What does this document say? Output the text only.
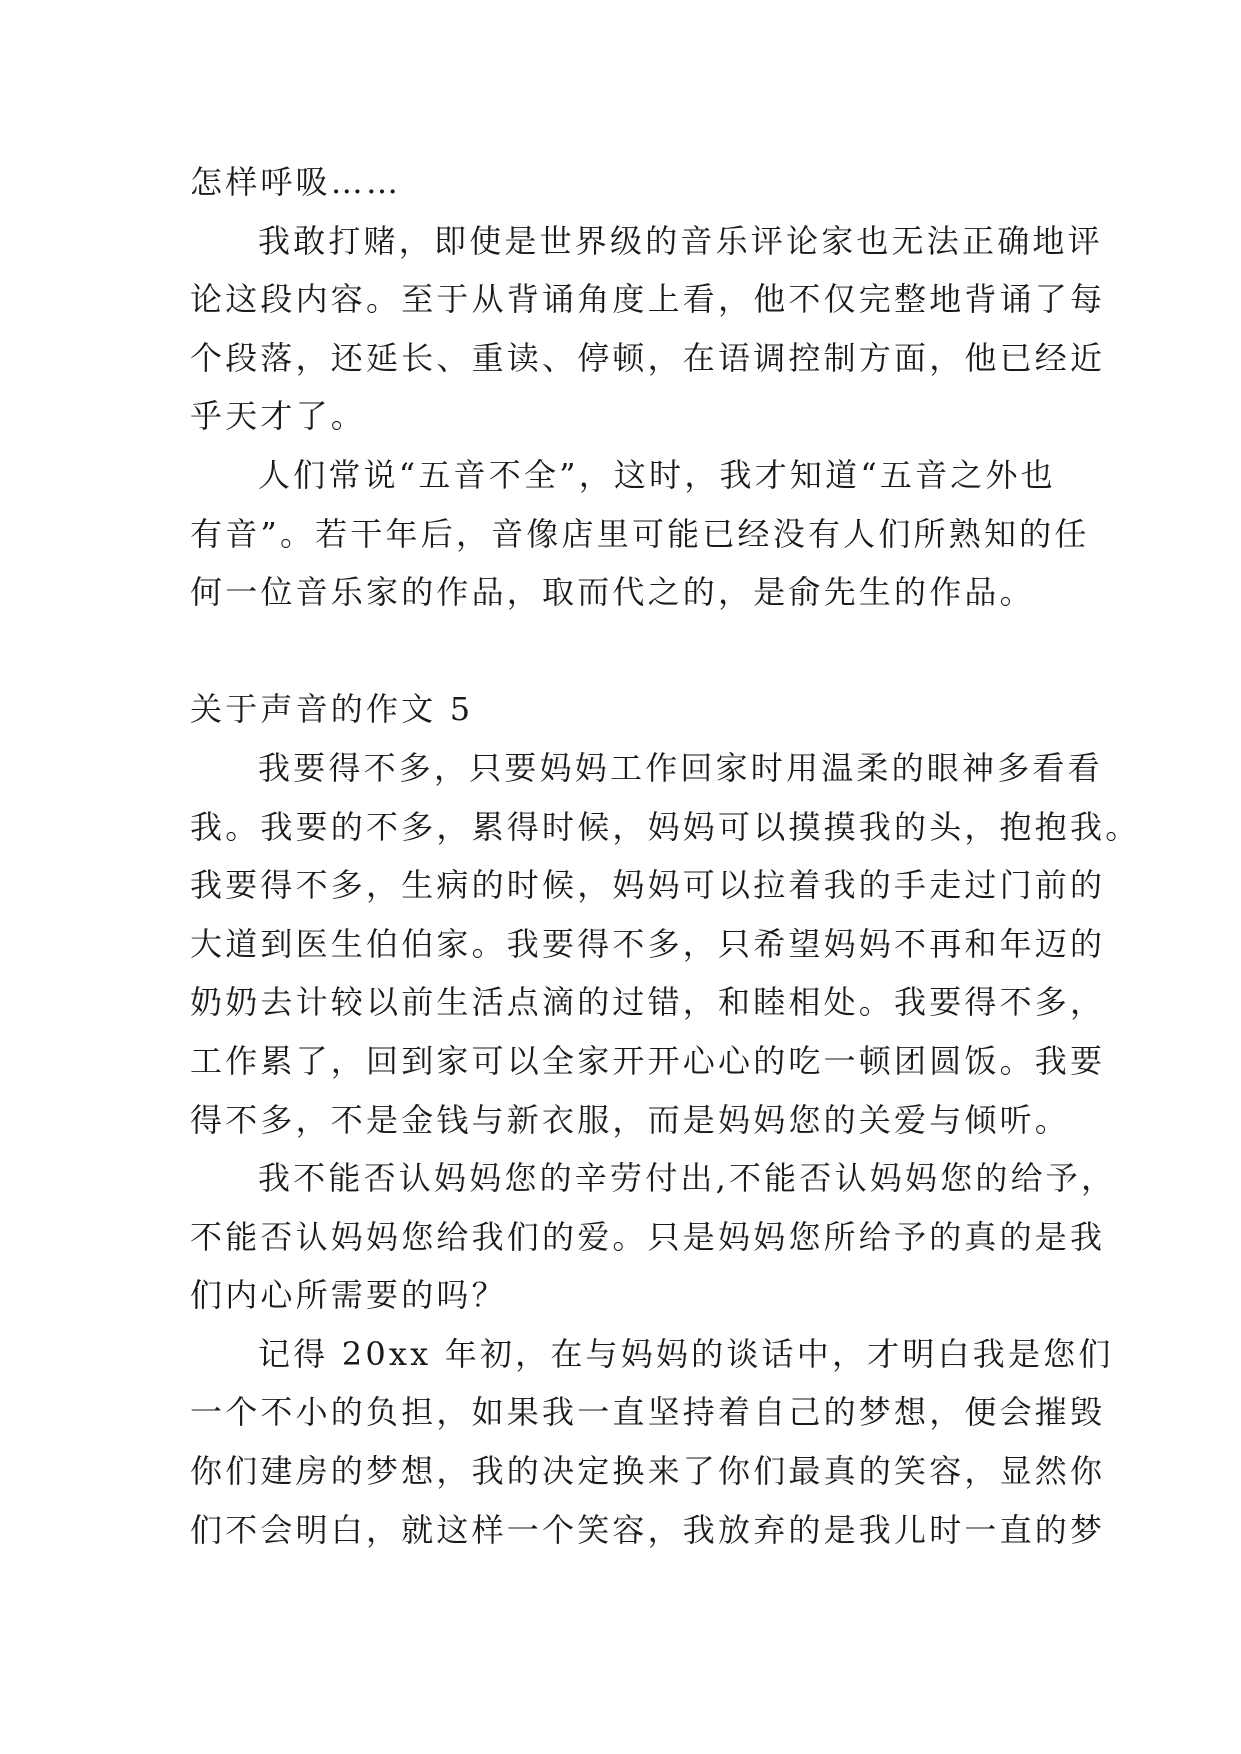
怎样呼吸……
我敢打赌，即使是世界级的音乐评论家也无法正确地评
论这段内容。至于从背诵角度上看，他不仅完整地背诵了每
个段落，还延长、重读、停顿，在语调控制方面，他已经近
乎天才了。
人们常说“五音不全”，这时，我才知道“五音之外也
有音”。若干年后，音像店里可能已经没有人们所熟知的任
何一位音乐家的作品，取而代之的，是俞先生的作品。
关于声音的作文 5
我要得不多，只要妈妈工作回家时用温柔的眼神多看看
我。我要的不多，累得时候，妈妈可以摸摸我的头，抱抱我。
我要得不多，生病的时候，妈妈可以拉着我的手走过门前的
大道到医生伯伯家。我要得不多，只希望妈妈不再和年迈的
奶奶去计较以前生活点滴的过错，和睦相处。我要得不多，
工作累了，回到家可以全家开开心心的吃一顿团圆饭。我要
得不多，不是金钱与新衣服，而是妈妈您的关爱与倾听。
我不能否认妈妈您的辛劳付出,不能否认妈妈您的给予，
不能否认妈妈您给我们的爱。只是妈妈您所给予的真的是我
们内心所需要的吗？
记得 20xx 年初，在与妈妈的谈话中，才明白我是您们
一个不小的负担，如果我一直坚持着自己的梦想，便会摧毁
你们建房的梦想，我的决定换来了你们最真的笑容，显然你
们不会明白，就这样一个笑容，我放弃的是我儿时一直的梦
